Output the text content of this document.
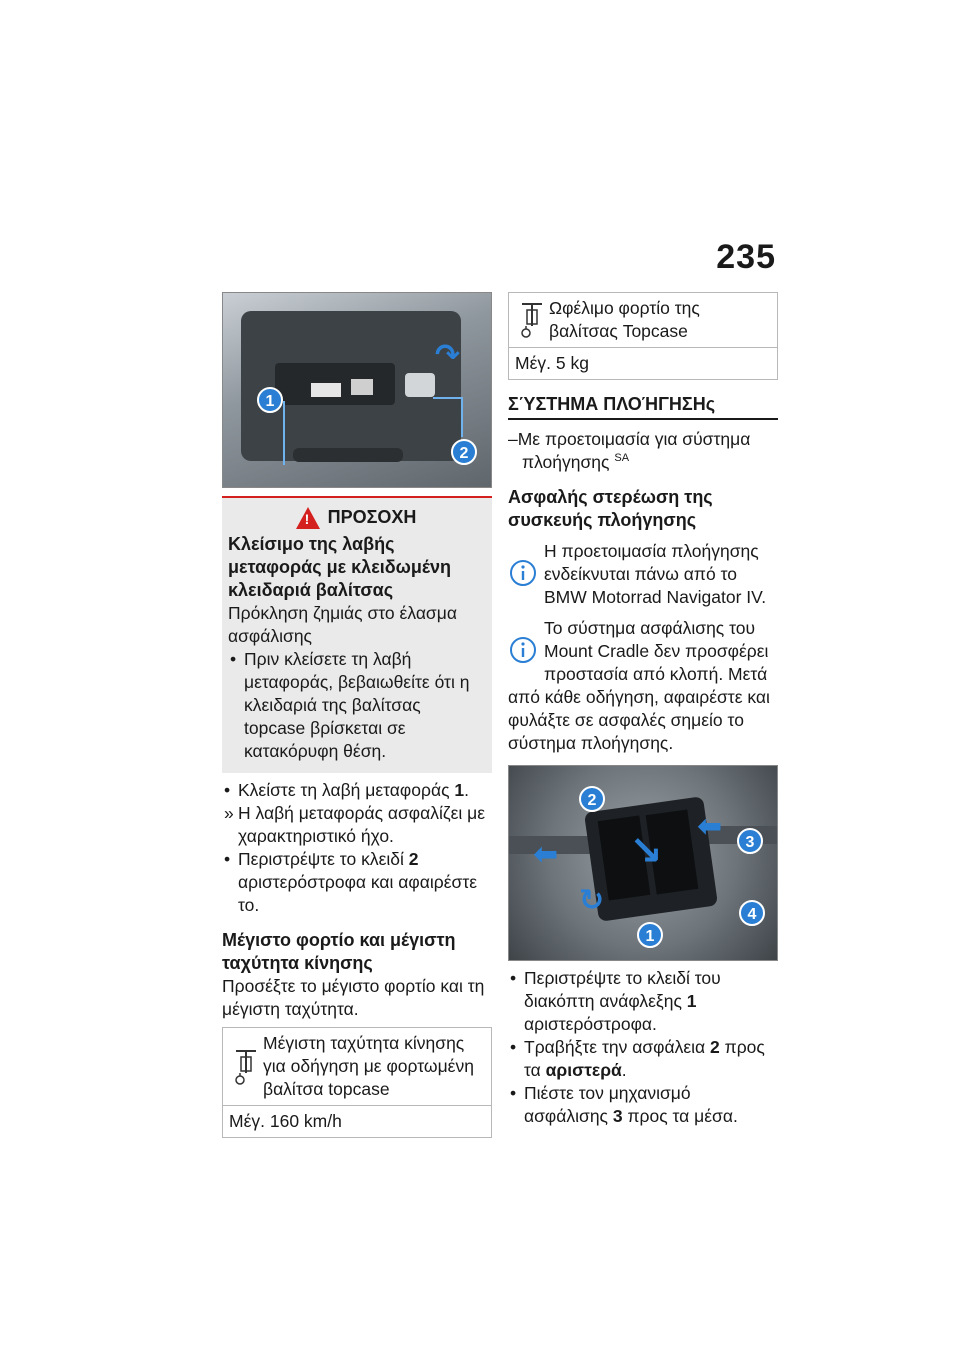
235
↷
1
2
! ΠΡΟΣΟΧΗ
Κλείσιμο της λαβής μεταφοράς με κλειδωμένη κλειδαριά βαλίτσας
Πρόκληση ζημιάς στο έλασμα ασφάλισης
• Πριν κλείσετε τη λαβή μεταφοράς, βεβαιωθείτε ότι η κλειδαριά της βαλίτσας topcase βρίσκεται σε κατακόρυφη θέση.
• Κλείστε τη λαβή μεταφοράς 1.
» Η λαβή μεταφοράς ασφαλίζει με χαρακτηριστικό ήχο.
• Περιστρέψτε το κλειδί 2 αριστερόστροφα και αφαιρέστε το.
Μέγιστο φορτίο και μέγιστη ταχύτητα κίνησης
Προσέξτε το μέγιστο φορτίο και τη μέγιστη ταχύτητα.
Μέγιστη ταχύτητα κίνησης για οδήγηση με φορτωμένη βαλίτσα topcase
Μέγ. 160 km/h
Ωφέλιμο φορτίο της βαλίτσας Topcase
Μέγ. 5 kg
ΣΎΣΤΗΜΑ ΠΛΟΉΓΗΣΗς
–Με προετοιμασία για σύστημα πλοήγησης $^{SA}$
Ασφαλής στερέωση της συσκευής πλοήγησης
Η προετοιμασία πλοήγησης ενδείκνυται πάνω από το BMW Motorrad Navigator IV.
Το σύστημα ασφάλισης του Mount Cradle δεν προσφέρει προστασία από κλοπή. Μετά από κάθε οδήγηση, αφαιρέστε και φυλάξτε σε ασφαλές σημείο το σύστημα πλοήγησης.
↘
⬅
⬅
↻
2
3
1
4
• Περιστρέψτε το κλειδί του διακόπτη ανάφλεξης 1 αριστερόστροφα.
• Τραβήξτε την ασφάλεια 2 προς τα αριστερά.
• Πιέστε τον μηχανισμό ασφάλισης 3 προς τα μέσα.
